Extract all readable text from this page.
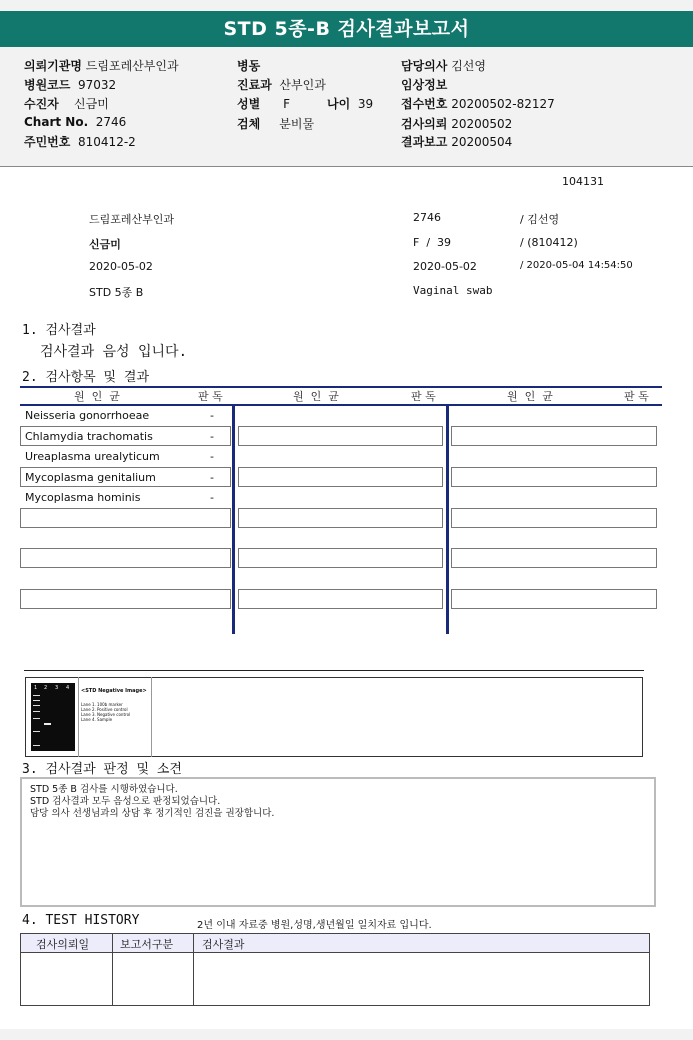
STD 5종-B 검사결과보고서
의뢰기관명 드림포레산부인과
병원코드 97032
수진자 신금미
Chart No. 2746
주민번호 810412-2
병동
진료과 산부인과
성별 F	나이 39
검체 분비물
담당의사 김선영
임상정보
접수번호 20200502-82127
검사의뢰 20200502
결과보고 20200504
104131
드림포레산부인과	2746	/ 김선영
신금미	F  /  39	/ (810412)
2020-05-02	2020-05-02	/ 2020-05-04 14:54:50
STD 5종 B	Vaginal swab
1. 검사결과
검사결과 음성 입니다.
2. 검사항목 및 결과
원  인  균	판 독	원  인  균	판 독	원  인  균	판 독
Neisseria gonorrhoeae	-
Chlamydia trachomatis	-
Ureaplasma urealyticum	-
Mycoplasma genitalium	-
Mycoplasma hominis	-
1 2 3 4 <STD Negative Image>
Lane 1. 100b marker
Lane 2. Positive control
Lane 3. Negative control
Lane 4. Sample
3. 검사결과 판정 및 소견
STD 5종 B 검사를 시행하였습니다.
STD 검사결과 모두 음성으로 판정되었습니다.
담당 의사 선생님과의 상담 후 정기적인 검진을 권장합니다.
4. TEST HISTORY	2년 이내 자료중 병원,성명,생년월일 일치자료 입니다.
검사의뢰일	보고서구분	검사결과
